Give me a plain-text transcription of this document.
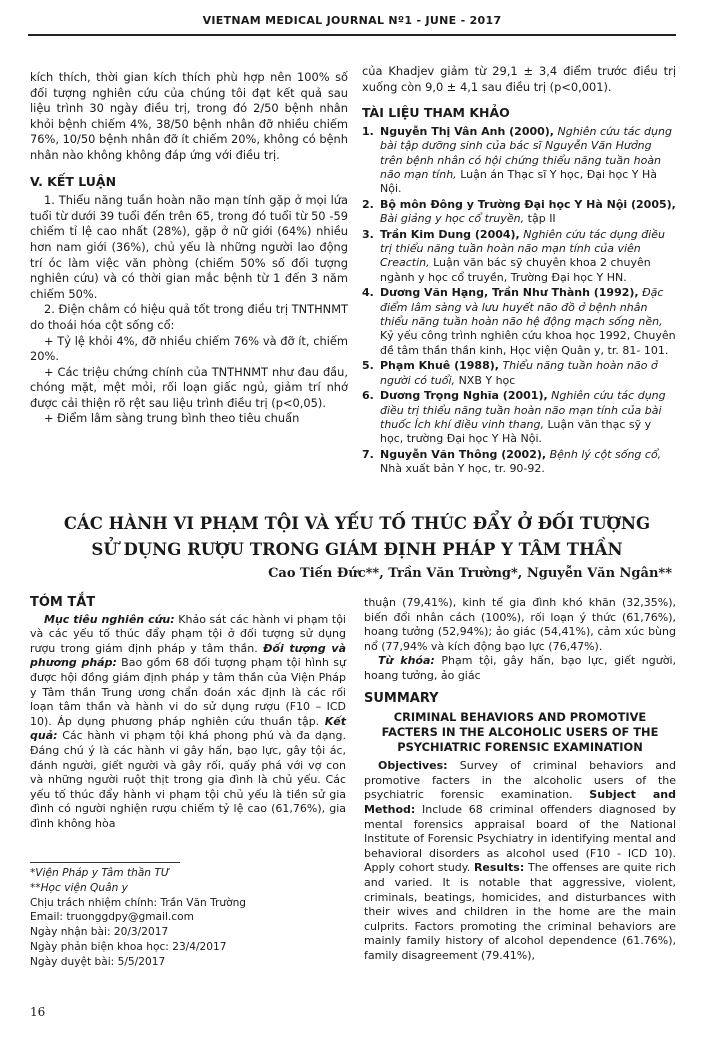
VIETNAM MEDICAL JOURNAL Nº1 - JUNE - 2017

kích thích, thời gian kích thích phù hợp nên 100% số đối tượng nghiên cứu của chúng tôi đạt kết quả sau liệu trình 30 ngày điều trị, trong đó 2/50 bệnh nhân khỏi bệnh chiếm 4%, 38/50 bệnh nhân đỡ nhiều chiếm 76%, 10/50 bệnh nhân đỡ ít chiếm 20%, không có bệnh nhân nào không không đáp ứng với điều trị.

V. KẾT LUẬN

1. Thiểu năng tuần hoàn não mạn tính gặp ở mọi lứa tuổi từ dưới 39 tuổi đến trên 65, trong đó tuổi từ 50 -59 chiếm tỉ lệ cao nhất (28%), gặp ở nữ giới (64%) nhiều hơn nam giới (36%), chủ yếu là những người lao động trí óc làm việc văn phòng (chiếm 50% số đối tượng nghiên cứu) và có thời gian mắc bệnh từ 1 đến 3 năm chiếm 50%.

2. Điện châm có hiệu quả tốt trong điều trị TNTHNMT do thoái hóa cột sống cổ:

+ Tỷ lệ khỏi 4%, đỡ nhiều chiếm 76% và đỡ ít, chiếm 20%.

+ Các triệu chứng chính của TNTHNMT như đau đầu, chóng mặt, mệt mỏi, rối loạn giấc ngủ, giảm trí nhớ được cải thiện rõ rệt sau liệu trình điều trị (p<0,05).

+ Điểm lâm sàng trung bình theo tiêu chuẩn

của Khadjev giảm từ 29,1 ± 3,4 điểm trước điều trị xuống còn 9,0 ± 4,1 sau điều trị (p<0,001).

TÀI LIỆU THAM KHẢO
1. Nguyễn Thị Vân Anh (2000), Nghiên cứu tác dụng bài tập dưỡng sinh của bác sĩ Nguyễn Văn Hưởng trên bệnh nhân có hội chứng thiểu năng tuần hoàn não mạn tính, Luận án Thạc sĩ Y học, Đại học Y Hà Nội.
2. Bộ môn Đông y Trường Đại học Y Hà Nội (2005), Bài giảng y học cổ truyền, tập II
3. Trần Kim Dung (2004), Nghiên cứu tác dụng điều trị thiểu năng tuần hoàn não mạn tính của viên Creactin, Luận văn bác sỹ chuyên khoa 2 chuyên ngành y học cổ truyền, Trường Đại học Y HN.
4. Dương Văn Hạng, Trần Như Thành (1992), Đặc điểm lâm sàng và lưu huyết não đồ ở bệnh nhân thiểu năng tuần hoàn não hệ động mạch sống nền, Kỷ yếu công trình nghiên cứu khoa học 1992, Chuyên đề tâm thần thần kinh, Học viện Quân y, tr. 81- 101.
5. Phạm Khuê (1988), Thiểu năng tuần hoàn não ở người có tuổi, NXB Y học
6. Dương Trọng Nghĩa (2001), Nghiên cứu tác dụng điều trị thiểu năng tuần hoàn não mạn tính của bài thuốc Ích khí điều vinh thang, Luận văn thạc sỹ y học, trường Đại học Y Hà Nội.
7. Nguyễn Văn Thông (2002), Bệnh lý cột sống cổ, Nhà xuất bản Y học, tr. 90-92.
CÁC HÀNH VI PHẠM TỘI VÀ YẾU TỐ THÚC ĐẨY Ở ĐỐI TƯỢNG
SỬ DỤNG RƯỢU TRONG GIÁM ĐỊNH PHÁP Y TÂM THẦN
Cao Tiến Đức**, Trần Văn Trường*, Nguyễn Văn Ngân**
TÓM TẮT

Mục tiêu nghiên cứu: Khảo sát các hành vi phạm tội và các yếu tố thúc đẩy phạm tội ở đối tượng sử dụng rượu trong giám định pháp y tâm thần. Đối tượng và phương pháp: Bao gồm 68 đối tượng phạm tội hình sự được hội đồng giám định pháp y tâm thần của Viện Pháp y Tâm thần Trung ương chẩn đoán xác định là các rối loạn tâm thần và hành vi do sử dụng rượu (F10 – ICD 10). Áp dụng phương pháp nghiên cứu thuần tập. Kết quả: Các hành vi phạm tội khá phong phú và đa dạng. Đáng chú ý là các hành vi gây hấn, bạo lực, gây tội ác, đánh người, giết người và gây rối, quấy phá với vợ con và những người ruột thịt trong gia đình là chủ yếu. Các yếu tố thúc đẩy hành vi phạm tội chủ yếu là tiền sử gia đình có người nghiện rượu chiếm tỷ lệ cao (61,76%), gia đình không hòa

thuận (79,41%), kinh tế gia đình khó khăn (32,35%), biến đổi nhân cách (100%), rối loạn ý thức (61,76%), hoang tưởng (52,94%); ảo giác (54,41%), cảm xúc bùng nổ (77,94% và kích động bạo lực (76,47%).

Từ khóa: Phạm tội, gây hấn, bạo lực, giết người, hoang tưởng, ảo giác

SUMMARY
CRIMINAL BEHAVIORS AND PROMOTIVE
FACTERS IN THE ALCOHOLIC USERS OF THE
PSYCHIATRIC FORENSIC EXAMINATION

Objectives: Survey of criminal behaviors and promotive facters in the alcoholic users of the psychiatric forensic examination. Subject and Method: Include 68 criminal offenders diagnosed by mental forensics appraisal board of the National Institute of Forensic Psychiatry in identifying mental and behavioral disorders as alcohol used (F10 - ICD 10). Apply cohort study. Results: The offenses are quite rich and varied. It is notable that aggressive, violent, criminals, beatings, homicides, and disturbances with their wives and children in the home are the main culprits. Factors promoting the criminal behaviors are mainly family history of alcohol dependence (61.76%), family disagreement (79.41%),

*Viện Pháp y Tâm thần TƯ

**Học viện Quân y

Chịu trách nhiệm chính: Trần Văn Trường

Email: truonggdpy@gmail.com

Ngày nhận bài: 20/3/2017

Ngày phản biện khoa học: 23/4/2017

Ngày duyệt bài: 5/5/2017

16
